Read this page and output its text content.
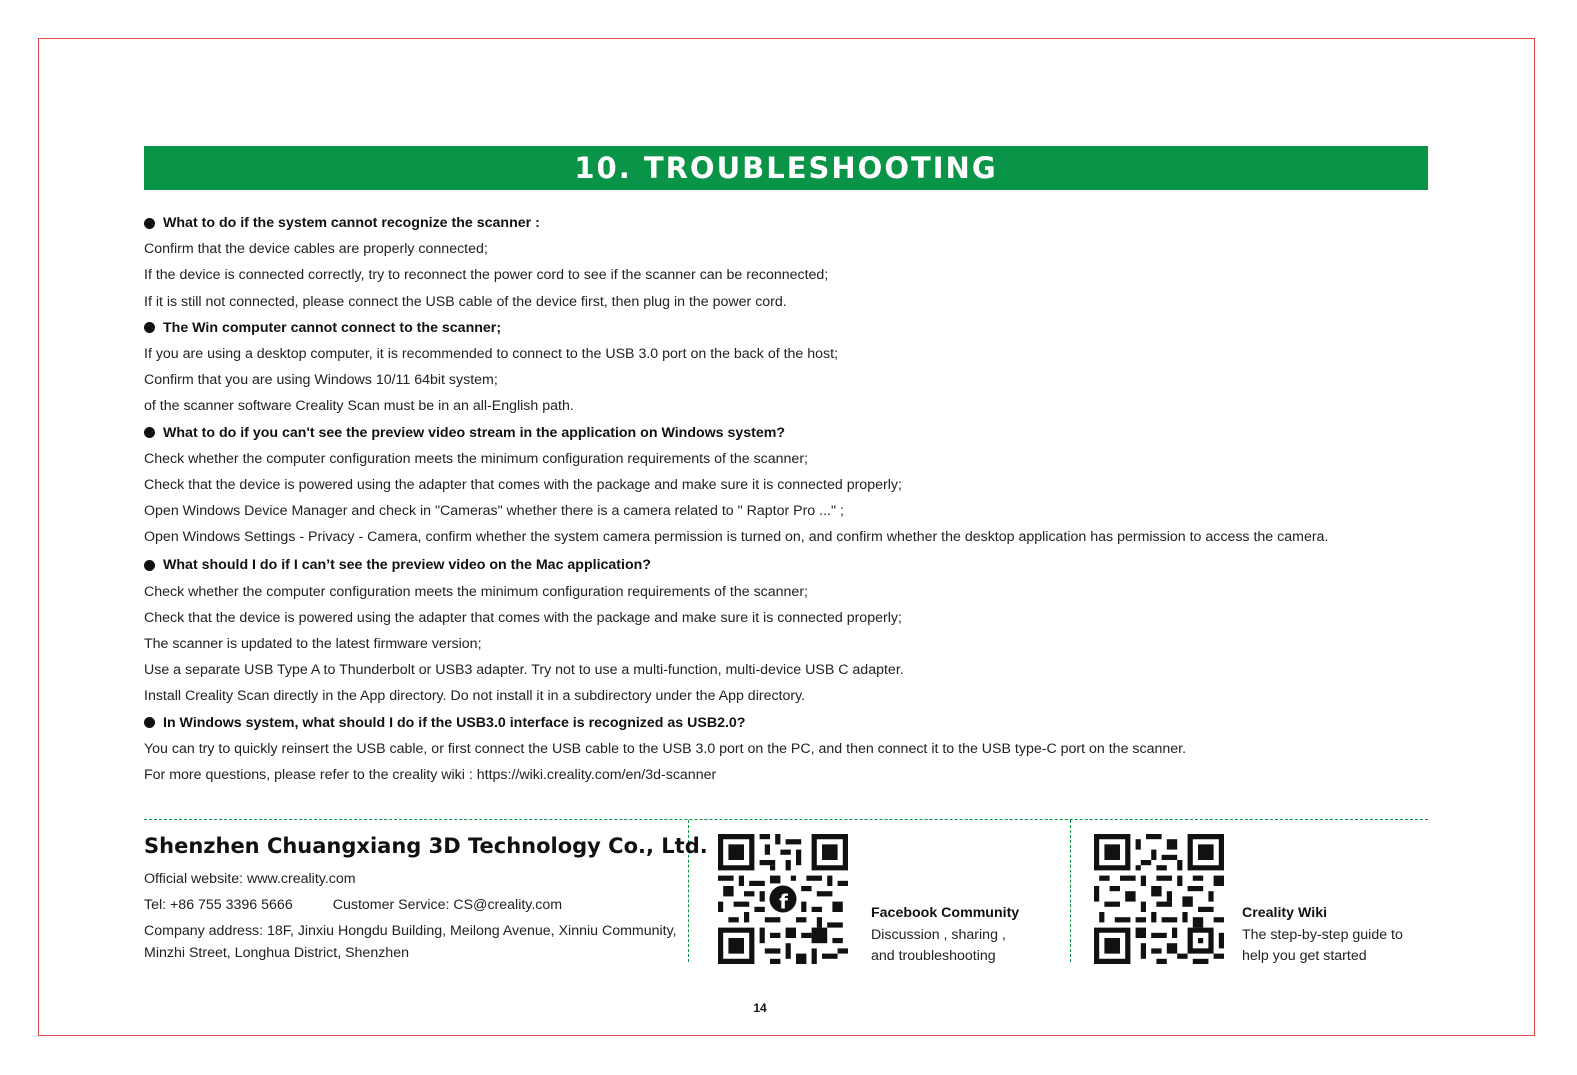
10. TROUBLESHOOTING

What to do if the system cannot recognize the scanner :

Confirm that the device cables are properly connected;

If the device is connected correctly, try to reconnect the power cord to see if the scanner can be reconnected;

If it is still not connected, please connect the USB cable of the device first, then plug in the power cord.

The Win computer cannot connect to the scanner;

If you are using a desktop computer, it is recommended to connect to the USB 3.0 port on the back of the host;

Confirm that you are using Windows 10/11 64bit system;

of the scanner software Creality Scan must be in an all-English path.

What to do if you can't see the preview video stream in the application on Windows system?

Check whether the computer configuration meets the minimum configuration requirements of the scanner;

Check that the device is powered using the adapter that comes with the package and make sure it is connected properly;

Open Windows Device Manager and check in "Cameras" whether there is a camera related to " Raptor Pro ..." ;

Open Windows Settings - Privacy - Camera, confirm whether the system camera permission is turned on, and confirm whether the desktop application has permission to access the camera.

What should I do if I can’t see the preview video on the Mac application?

Check whether the computer configuration meets the minimum configuration requirements of the scanner;

Check that the device is powered using the adapter that comes with the package and make sure it is connected properly;

The scanner is updated to the latest firmware version;

Use a separate USB Type A to Thunderbolt or USB3 adapter. Try not to use a multi-function, multi-device USB C adapter.

Install Creality Scan directly in the App directory. Do not install it in a subdirectory under the App directory.

In Windows system, what should I do if the USB3.0 interface is recognized as USB2.0?

You can try to quickly reinsert the USB cable, or first connect the USB cable to the USB 3.0 port on the PC, and then connect it to the USB type-C port on the scanner.

For more questions, please refer to the creality wiki : https://wiki.creality.com/en/3d-scanner

Shenzhen Chuangxiang 3D Technology Co., Ltd.
Official website: www.creality.com
Tel: +86 755 3396 5666	Customer Service: CS@creality.com
Company address: 18F, Jinxiu Hongdu Building, Meilong Avenue, Xinniu Community, Minzhi Street, Longhua District, Shenzhen
f	Facebook Community
Discussion , sharing ,
and troubleshooting
Creality Wiki
The step-by-step guide to
help you get started
14
